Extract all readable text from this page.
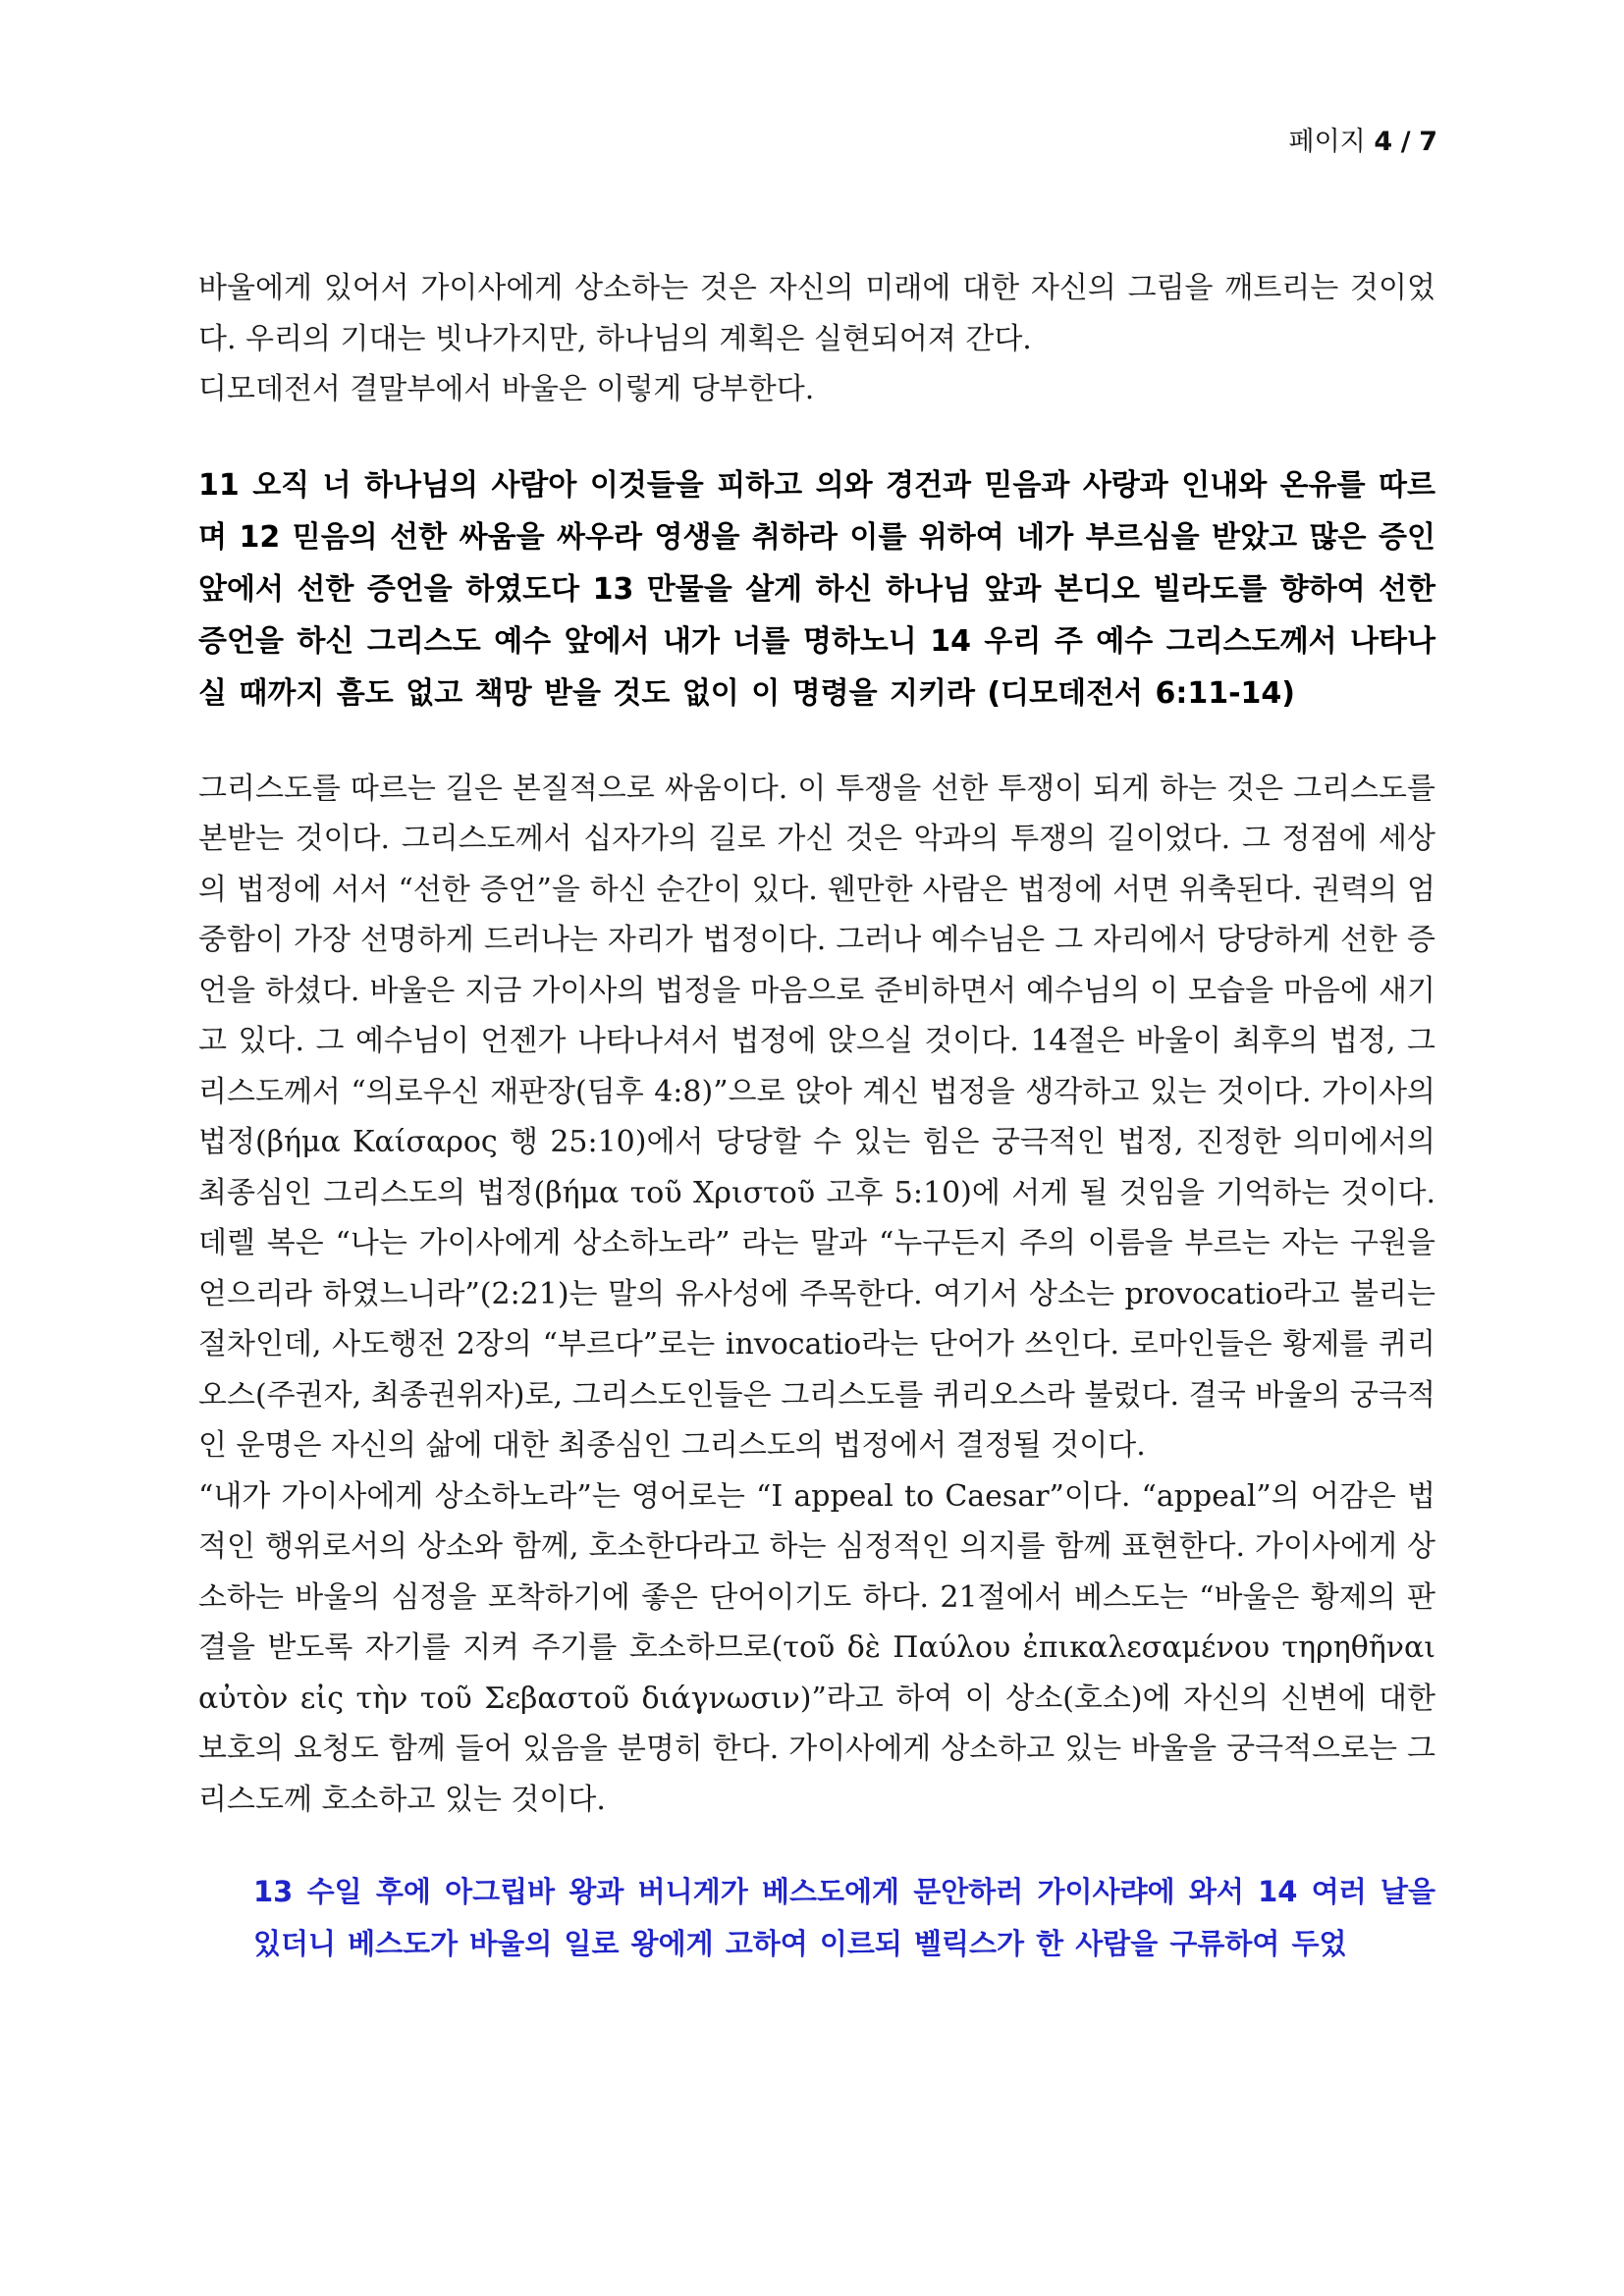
페이지 4 / 7

바울에게 있어서 가이사에게 상소하는 것은 자신의 미래에 대한 자신의 그림을 깨트리는 것이었다. 우리의 기대는 빗나가지만, 하나님의 계획은 실현되어져 간다.

디모데전서 결말부에서 바울은 이렇게 당부한다.

11 오직 너 하나님의 사람아 이것들을 피하고 의와 경건과 믿음과 사랑과 인내와 온유를 따르며 12 믿음의 선한 싸움을 싸우라 영생을 취하라 이를 위하여 네가 부르심을 받았고 많은 증인 앞에서 선한 증언을 하였도다 13 만물을 살게 하신 하나님 앞과 본디오 빌라도를 향하여 선한 증언을 하신 그리스도 예수 앞에서 내가 너를 명하노니 14 우리 주 예수 그리스도께서 나타나실 때까지 흠도 없고 책망 받을 것도 없이 이 명령을 지키라 (디모데전서 6:11-14)

그리스도를 따르는 길은 본질적으로 싸움이다. 이 투쟁을 선한 투쟁이 되게 하는 것은 그리스도를 본받는 것이다. 그리스도께서 십자가의 길로 가신 것은 악과의 투쟁의 길이었다. 그 정점에 세상의 법정에 서서 “선한 증언”을 하신 순간이 있다. 웬만한 사람은 법정에 서면 위축된다. 권력의 엄중함이 가장 선명하게 드러나는 자리가 법정이다. 그러나 예수님은 그 자리에서 당당하게 선한 증언을 하셨다. 바울은 지금 가이사의 법정을 마음으로 준비하면서 예수님의 이 모습을 마음에 새기고 있다. 그 예수님이 언젠가 나타나셔서 법정에 앉으실 것이다. 14절은 바울이 최후의 법정, 그리스도께서 “의로우신 재판장(딤후 4:8)”으로 앉아 계신 법정을 생각하고 있는 것이다. 가이사의 법정(βήμα Καίσαρος 행 25:10)에서 당당할 수 있는 힘은 궁극적인 법정, 진정한 의미에서의 최종심인 그리스도의 법정(βήμα τοῦ Χριστοῦ 고후 5:10)에 서게 될 것임을 기억하는 것이다. 데렐 복은 “나는 가이사에게 상소하노라” 라는 말과 “누구든지 주의 이름을 부르는 자는 구원을 얻으리라 하였느니라”(2:21)는 말의 유사성에 주목한다. 여기서 상소는 provocatio라고 불리는 절차인데, 사도행전 2장의 “부르다”로는 invocatio라는 단어가 쓰인다. 로마인들은 황제를 퀴리오스(주권자, 최종권위자)로, 그리스도인들은 그리스도를 퀴리오스라 불렀다. 결국 바울의 궁극적인 운명은 자신의 삶에 대한 최종심인 그리스도의 법정에서 결정될 것이다.

“내가 가이사에게 상소하노라”는 영어로는 “I appeal to Caesar”이다. “appeal”의 어감은 법적인 행위로서의 상소와 함께, 호소한다라고 하는 심정적인 의지를 함께 표현한다. 가이사에게 상소하는 바울의 심정을 포착하기에 좋은 단어이기도 하다. 21절에서 베스도는 “바울은 황제의 판결을 받도록 자기를 지켜 주기를 호소하므로(τοῦ δὲ Παύλου ἐπικαλεσαμένου τηρηθῆναι αὐτὸν εἰς τὴν τοῦ Σεβαστοῦ διάγνωσιν)”라고 하여 이 상소(호소)에 자신의 신변에 대한 보호의 요청도 함께 들어 있음을 분명히 한다. 가이사에게 상소하고 있는 바울을 궁극적으로는 그리스도께 호소하고 있는 것이다.

13 수일 후에 아그립바 왕과 버니게가 베스도에게 문안하러 가이사랴에 와서 14 여러 날을 있더니 베스도가 바울의 일로 왕에게 고하여 이르되 벨릭스가 한 사람을 구류하여 두었
